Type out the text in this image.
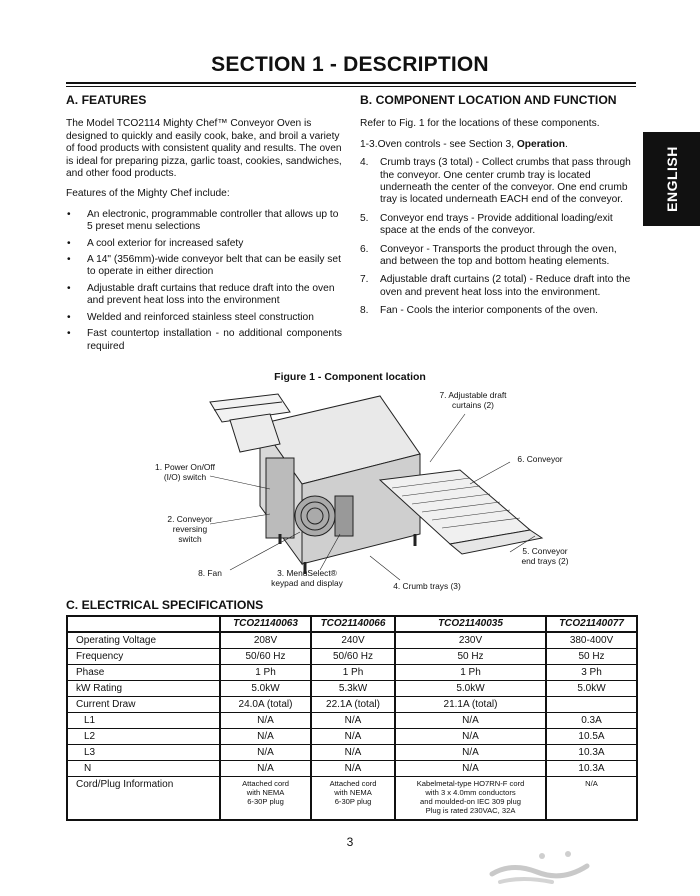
SECTION 1 - DESCRIPTION
ENGLISH
A. FEATURES

The Model TCO2114 Mighty Chef™ Conveyor Oven is designed to quickly and easily cook, bake, and broil a variety of food products with consistent quality and results. The oven is ideal for preparing pizza, garlic toast, cookies, sandwiches, and other food products.

Features of the Mighty Chef include:

• An electronic, programmable controller that allows up to 5 preset menu selections
• A cool exterior for increased safety
• A 14" (356mm)-wide conveyor belt that can be easily set to operate in either direction
• Adjustable draft curtains that reduce draft into the oven and prevent heat loss into the environment
• Welded and reinforced stainless steel construction
• Fast countertop installation - no additional components required
B. COMPONENT LOCATION AND FUNCTION

Refer to Fig. 1 for the locations of these components.

1-3.Oven controls - see Section 3, Operation.
4. Crumb trays (3 total) - Collect crumbs that pass through the conveyor. One center crumb tray is located underneath the center of the conveyor. One end crumb tray is located underneath EACH end of the conveyor.
5. Conveyor end trays - Provide additional loading/exit space at the ends of the conveyor.
6. Conveyor - Transports the product through the oven, and between the top and bottom heating elements.
7. Adjustable draft curtains (2 total) - Reduce draft into the oven and prevent heat loss into the environment.
8. Fan - Cools the interior components of the oven.
Figure 1 - Component location
1. Power On/Off
(I/O) switch
2. Conveyor
reversing
switch
8. Fan	3. MenuSelect®
keypad and display	4. Crumb trays (3)
5. Conveyor
end trays (2)
6. Conveyor
7. Adjustable draft
curtains (2)
C. ELECTRICAL SPECIFICATIONS
	TCO21140063	TCO21140066	TCO21140035	TCO21140077
Operating Voltage	208V	240V	230V	380-400V
Frequency	50/60 Hz	50/60 Hz	50 Hz	50 Hz
Phase	1 Ph	1 Ph	1 Ph	3 Ph
kW Rating	5.0kW	5.3kW	5.0kW	5.0kW
Current Draw	24.0A (total)	22.1A (total)	21.1A (total)	
L1	N/A	N/A	N/A	0.3A
L2	N/A	N/A	N/A	10.5A
L3	N/A	N/A	N/A	10.3A
N	N/A	N/A	N/A	10.3A
Cord/Plug Information	Attached cord
with NEMA
6-30P plug	Attached cord
with NEMA
6-30P plug	Kabelmetal-type HO7RN-F cord
with 3 x 4.0mm conductors
and moulded-on IEC 309 plug
Plug is rated 230VAC, 32A	N/A
3
